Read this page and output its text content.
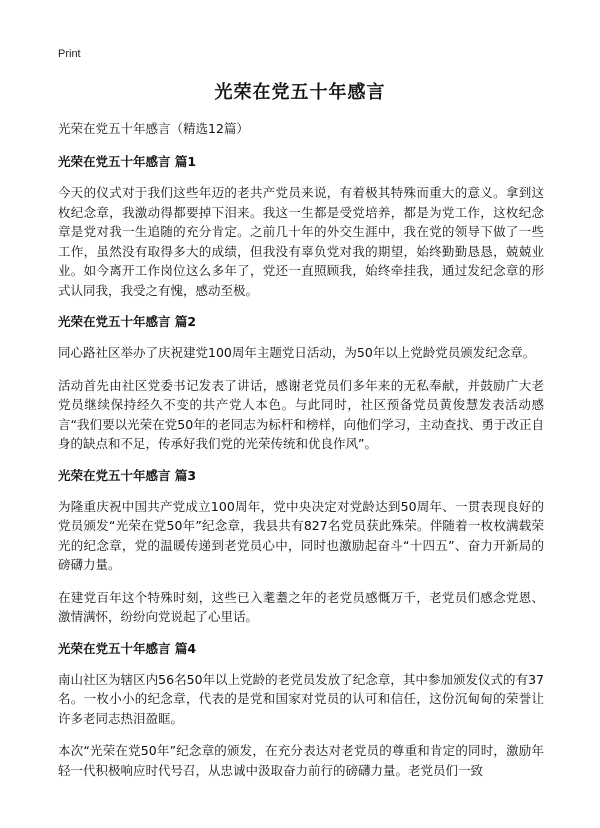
Print
光荣在党五十年感言

光荣在党五十年感言（精选12篇）

光荣在党五十年感言 篇1

今天的仪式对于我们这些年迈的老共产党员来说，有着极其特殊而重大的意义。拿到这枚纪念章，我激动得都要掉下泪来。我这一生都是受党培养，都是为党工作，这枚纪念章是党对我一生追随的充分肯定。之前几十年的外交生涯中，我在党的领导下做了一些工作，虽然没有取得多大的成绩，但我没有辜负党对我的期望，始终勤勤恳恳，兢兢业业。如今离开工作岗位这么多年了，党还一直照顾我，始终牵挂我，通过发纪念章的形式认同我，我受之有愧，感动至极。

光荣在党五十年感言 篇2

同心路社区举办了庆祝建党100周年主题党日活动，为50年以上党龄党员颁发纪念章。

活动首先由社区党委书记发表了讲话，感谢老党员们多年来的无私奉献，并鼓励广大老党员继续保持经久不变的共产党人本色。与此同时，社区预备党员黄俊慧发表活动感言“我们要以光荣在党50年的老同志为标杆和榜样，向他们学习，主动查找、勇于改正自身的缺点和不足，传承好我们党的光荣传统和优良作风”。

光荣在党五十年感言 篇3

为隆重庆祝中国共产党成立100周年，党中央决定对党龄达到50周年、一贯表现良好的党员颁发“光荣在党50年”纪念章，我县共有827名党员获此殊荣。伴随着一枚枚满载荣光的纪念章，党的温暖传递到老党员心中，同时也激励起奋斗“十四五”、奋力开新局的磅礴力量。

在建党百年这个特殊时刻，这些已入耄耋之年的老党员感慨万千，老党员们感念党恩、激情满怀，纷纷向党说起了心里话。

光荣在党五十年感言 篇4

南山社区为辖区内56名50年以上党龄的老党员发放了纪念章，其中参加颁发仪式的有37名。一枚小小的纪念章，代表的是党和国家对党员的认可和信任，这份沉甸甸的荣誉让许多老同志热泪盈眶。

本次“光荣在党50年”纪念章的颁发，在充分表达对老党员的尊重和肯定的同时，激励年轻一代积极响应时代号召，从忠诚中汲取奋力前行的磅礴力量。老党员们一致
